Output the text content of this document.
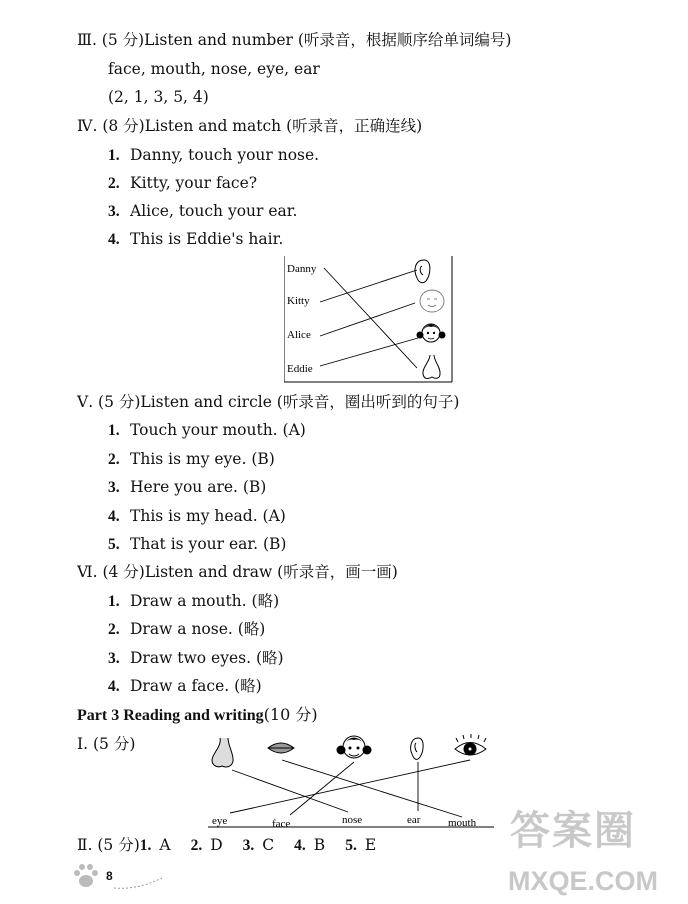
Ⅲ. (5 分)Listen and number (听录音，根据顺序给单词编号)
face, mouth, nose, eye, ear
(2, 1, 3, 5, 4)
Ⅳ. (8 分)Listen and match (听录音，正确连线)
1. Danny, touch your nose.
2. Kitty, your face?
3. Alice, touch your ear.
4. This is Eddie's hair.
Danny
Kitty
Alice
Eddie
Ⅴ. (5 分)Listen and circle (听录音，圈出听到的句子)
1. Touch your mouth. (A)
2. This is my eye. (B)
3. Here you are. (B)
4. This is my head. (A)
5. That is your ear. (B)
Ⅵ. (4 分)Listen and draw (听录音，画一画)
1. Draw a mouth. (略)
2. Draw a nose. (略)
3. Draw two eyes. (略)
4. Draw a face. (略)
Part 3 Reading and writing(10 分)
Ⅰ. (5 分)
eye	face	nose	ear	mouth
Ⅱ. (5 分)1. A 2. D 3. C 4. B 5. E
8
答案圈
MXQE.COM
